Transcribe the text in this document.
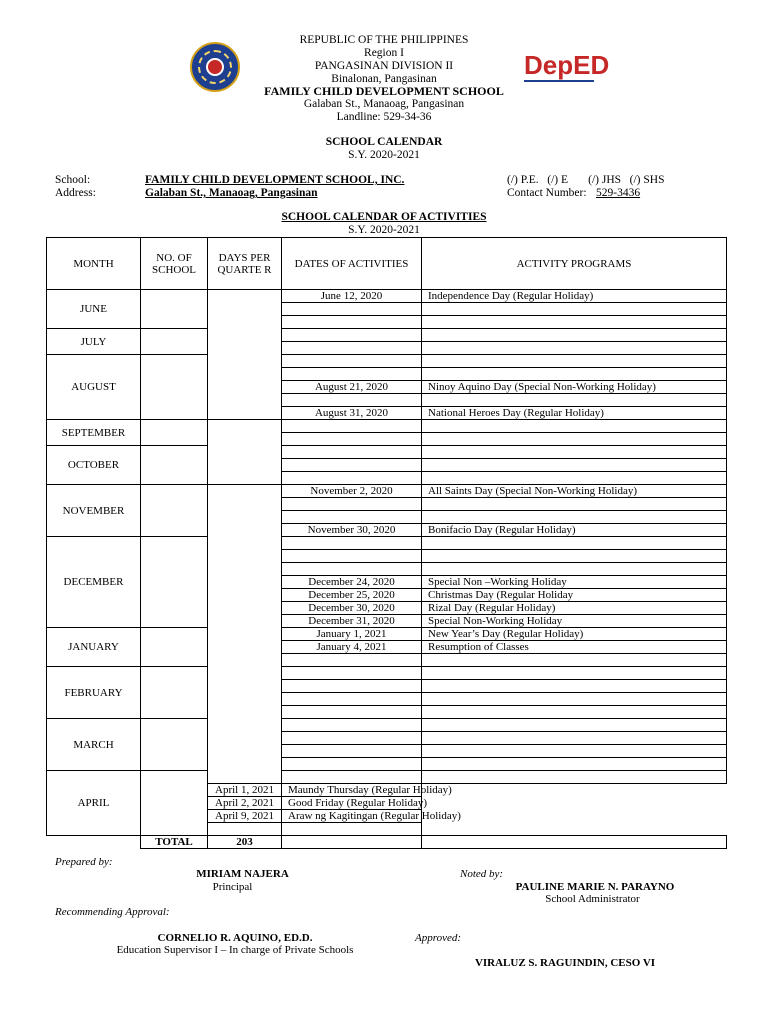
DepED
REPUBLIC OF THE PHILIPPINES
Region I
PANGASINAN DIVISION II
Binalonan, Pangasinan
FAMILY CHILD DEVELOPMENT SCHOOL
Galaban St., Manaoag, Pangasinan
Landline: 529-34-36
SCHOOL CALENDAR
S.Y. 2020-2021
School:	FAMILY CHILD DEVELOPMENT SCHOOL, INC.
Address:	Galaban St., Manaoag, Pangasinan
(/) P.E.   (/) E       (/) JHS   (/) SHS
Contact Number: 529-3436
SCHOOL CALENDAR OF ACTIVITIES
S.Y. 2020-2021
MONTH	NO. OF SCHOOL	DAYS PER QUARTE R	DATES OF ACTIVITIES	ACTIVITY PROGRAMS
JUNE			June 12, 2020	Independence Day (Regular Holiday)

JULY				

AUGUST				

			August 21, 2020	Ninoy Aquino Day (Special Non-Working Holiday)

			August 31, 2020	National Heroes Day (Regular Holiday)
SEPTEMBER				

OCTOBER				

NOVEMBER			November 2, 2020	All Saints Day (Special Non-Working Holiday)

			November 30, 2020	Bonifacio Day (Regular Holiday)
DECEMBER				

			December 24, 2020	Special Non –Working Holiday
			December 25, 2020	Christmas Day (Regular Holiday
			December 30, 2020	Rizal Day (Regular Holiday)
			December 31, 2020	Special Non-Working Holiday
JANUARY			January 1, 2021	New Year’s Day (Regular Holiday)
			January 4, 2021	Resumption of Classes

FEBRUARY				

MARCH				

APRIL				
		April 1, 2021	Maundy Thursday (Regular Holiday)	
		April 2, 2021	Good Friday (Regular Holiday)	
		April 9, 2021	Araw ng Kagitingan (Regular Holiday)	

	TOTAL	203		
Prepared by:
MIRIAM NAJERA
Principal
Noted by:
PAULINE MARIE N. PARAYNO
School Administrator
Recommending Approval:
CORNELIO R. AQUINO, ED.D.
Education Supervisor I – In charge of Private Schools
Approved:
VIRALUZ S. RAGUINDIN, CESO VI
